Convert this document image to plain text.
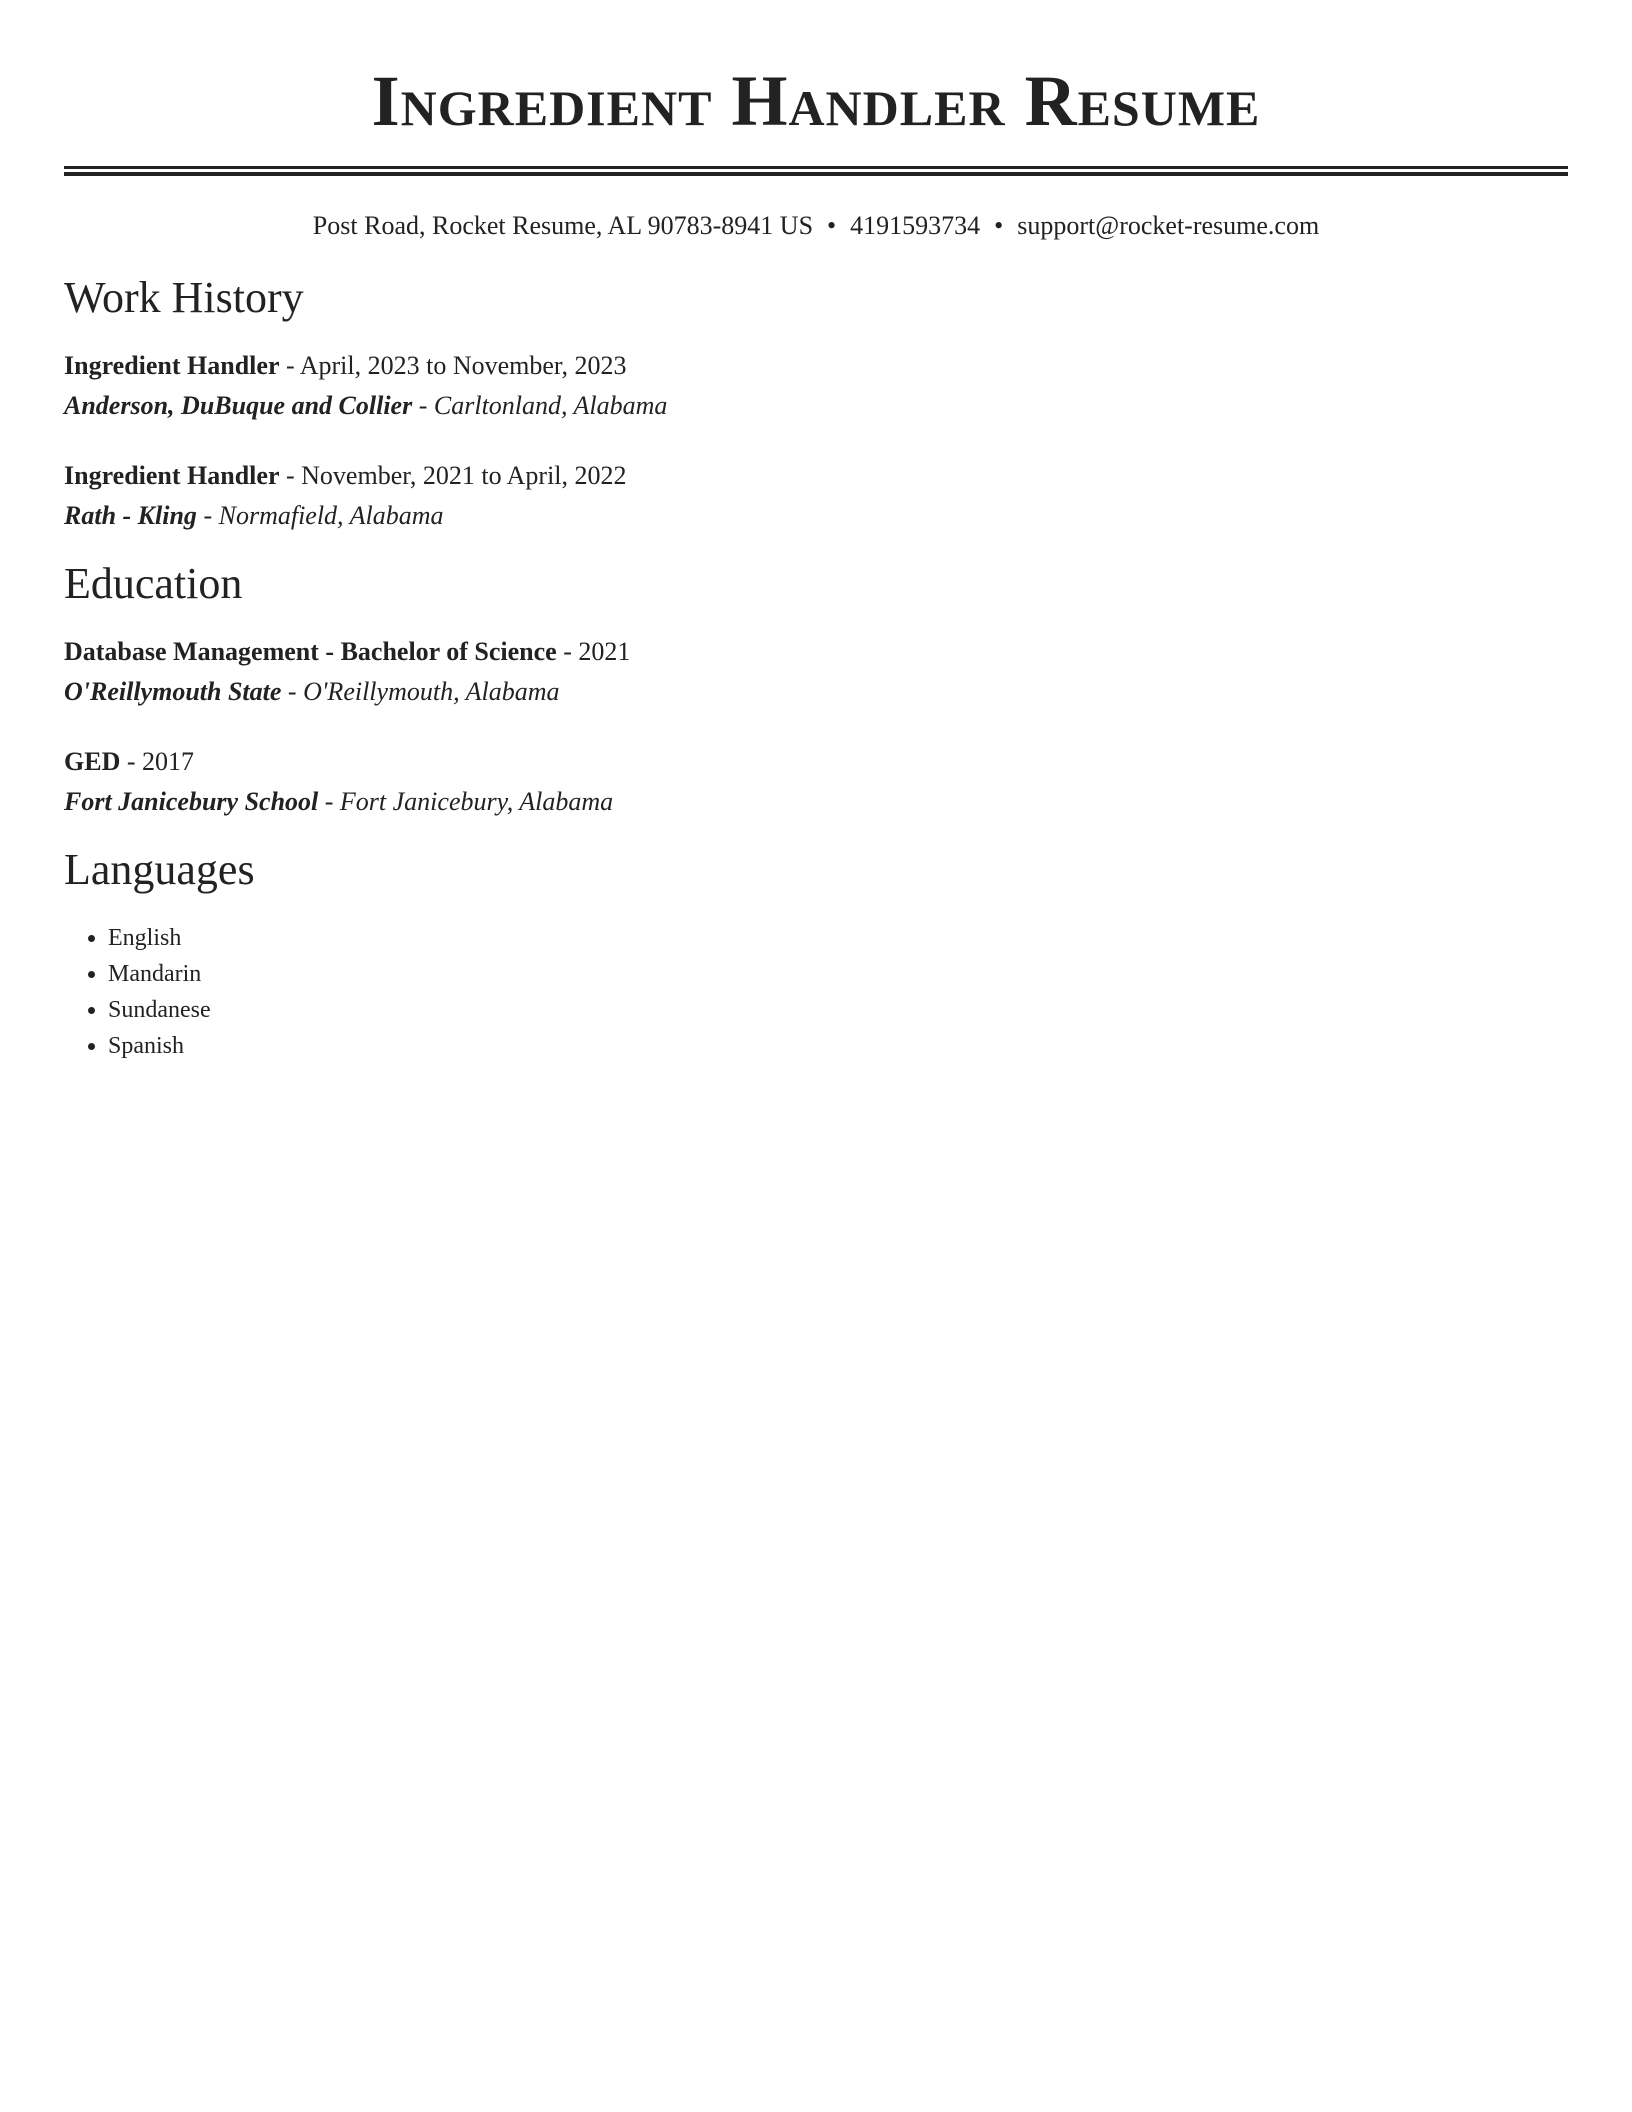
Ingredient Handler Resume
Post Road, Rocket Resume, AL 90783-8941 US • 4191593734 • support@rocket-resume.com
Work History
Ingredient Handler - April, 2023 to November, 2023
Anderson, DuBuque and Collier - Carltonland, Alabama
Ingredient Handler - November, 2021 to April, 2022
Rath - Kling - Normafield, Alabama
Education
Database Management - Bachelor of Science - 2021
O'Reillymouth State - O'Reillymouth, Alabama
GED - 2017
Fort Janicebury School - Fort Janicebury, Alabama
Languages
• English
• Mandarin
• Sundanese
• Spanish
